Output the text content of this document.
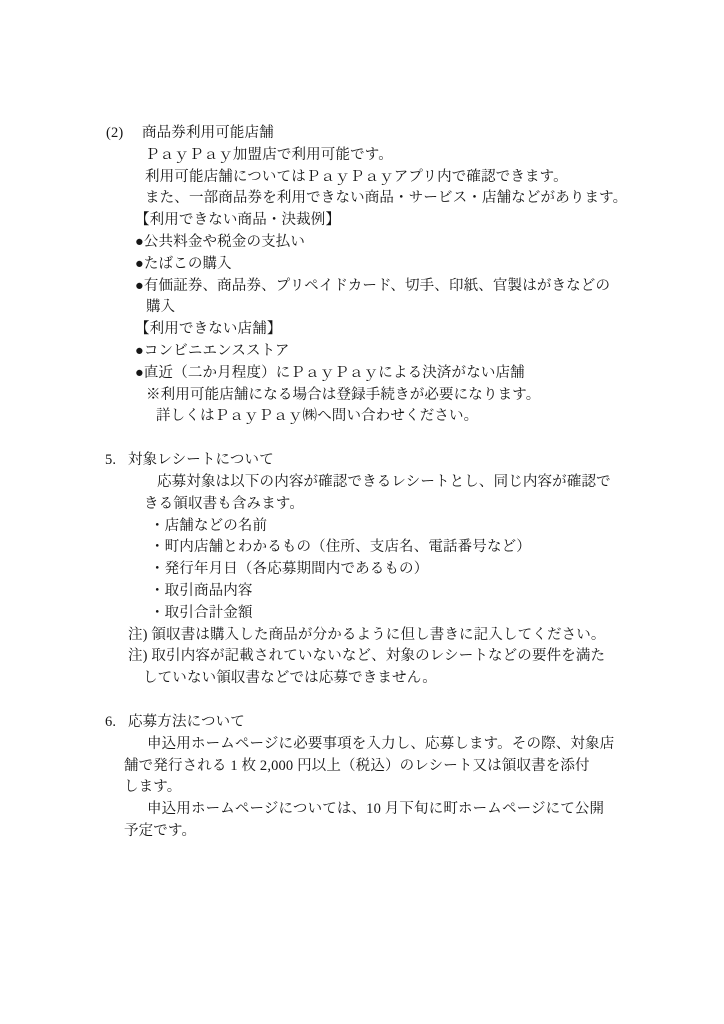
(2) 商品券利用可能店舗
ＰａｙＰａｙ加盟店で利用可能です。
利用可能店舗についてはＰａｙＰａｙアプリ内で確認できます。
また、一部商品券を利用できない商品・サービス・店舗などがあります。
【利用できない商品・決裁例】
●公共料金や税金の支払い
●たばこの購入
●有価証券、商品券、プリペイドカード、切手、印紙、官製はがきなどの
購入
【利用できない店舗】
●コンビニエンスストア
●直近（二か月程度）にＰａｙＰａｙによる決済がない店舗
※利用可能店舗になる場合は登録手続きが必要になります。
詳しくはＰａｙＰａｙ㈱へ問い合わせください。
5. 対象レシートについて
応募対象は以下の内容が確認できるレシートとし、同じ内容が確認で
きる領収書も含みます。
・店舗などの名前
・町内店舗とわかるもの（住所、支店名、電話番号など）
・発行年月日（各応募期間内であるもの）
・取引商品内容
・取引合計金額
注) 領収書は購入した商品が分かるように但し書きに記入してください。
注) 取引内容が記載されていないなど、対象のレシートなどの要件を満た
していない領収書などでは応募できません。
6. 応募方法について
申込用ホームページに必要事項を入力し、応募します。その際、対象店
舗で発行される 1 枚 2,000 円以上（税込）のレシート又は領収書を添付
します。
申込用ホームページについては、10 月下旬に町ホームページにて公開
予定です。
